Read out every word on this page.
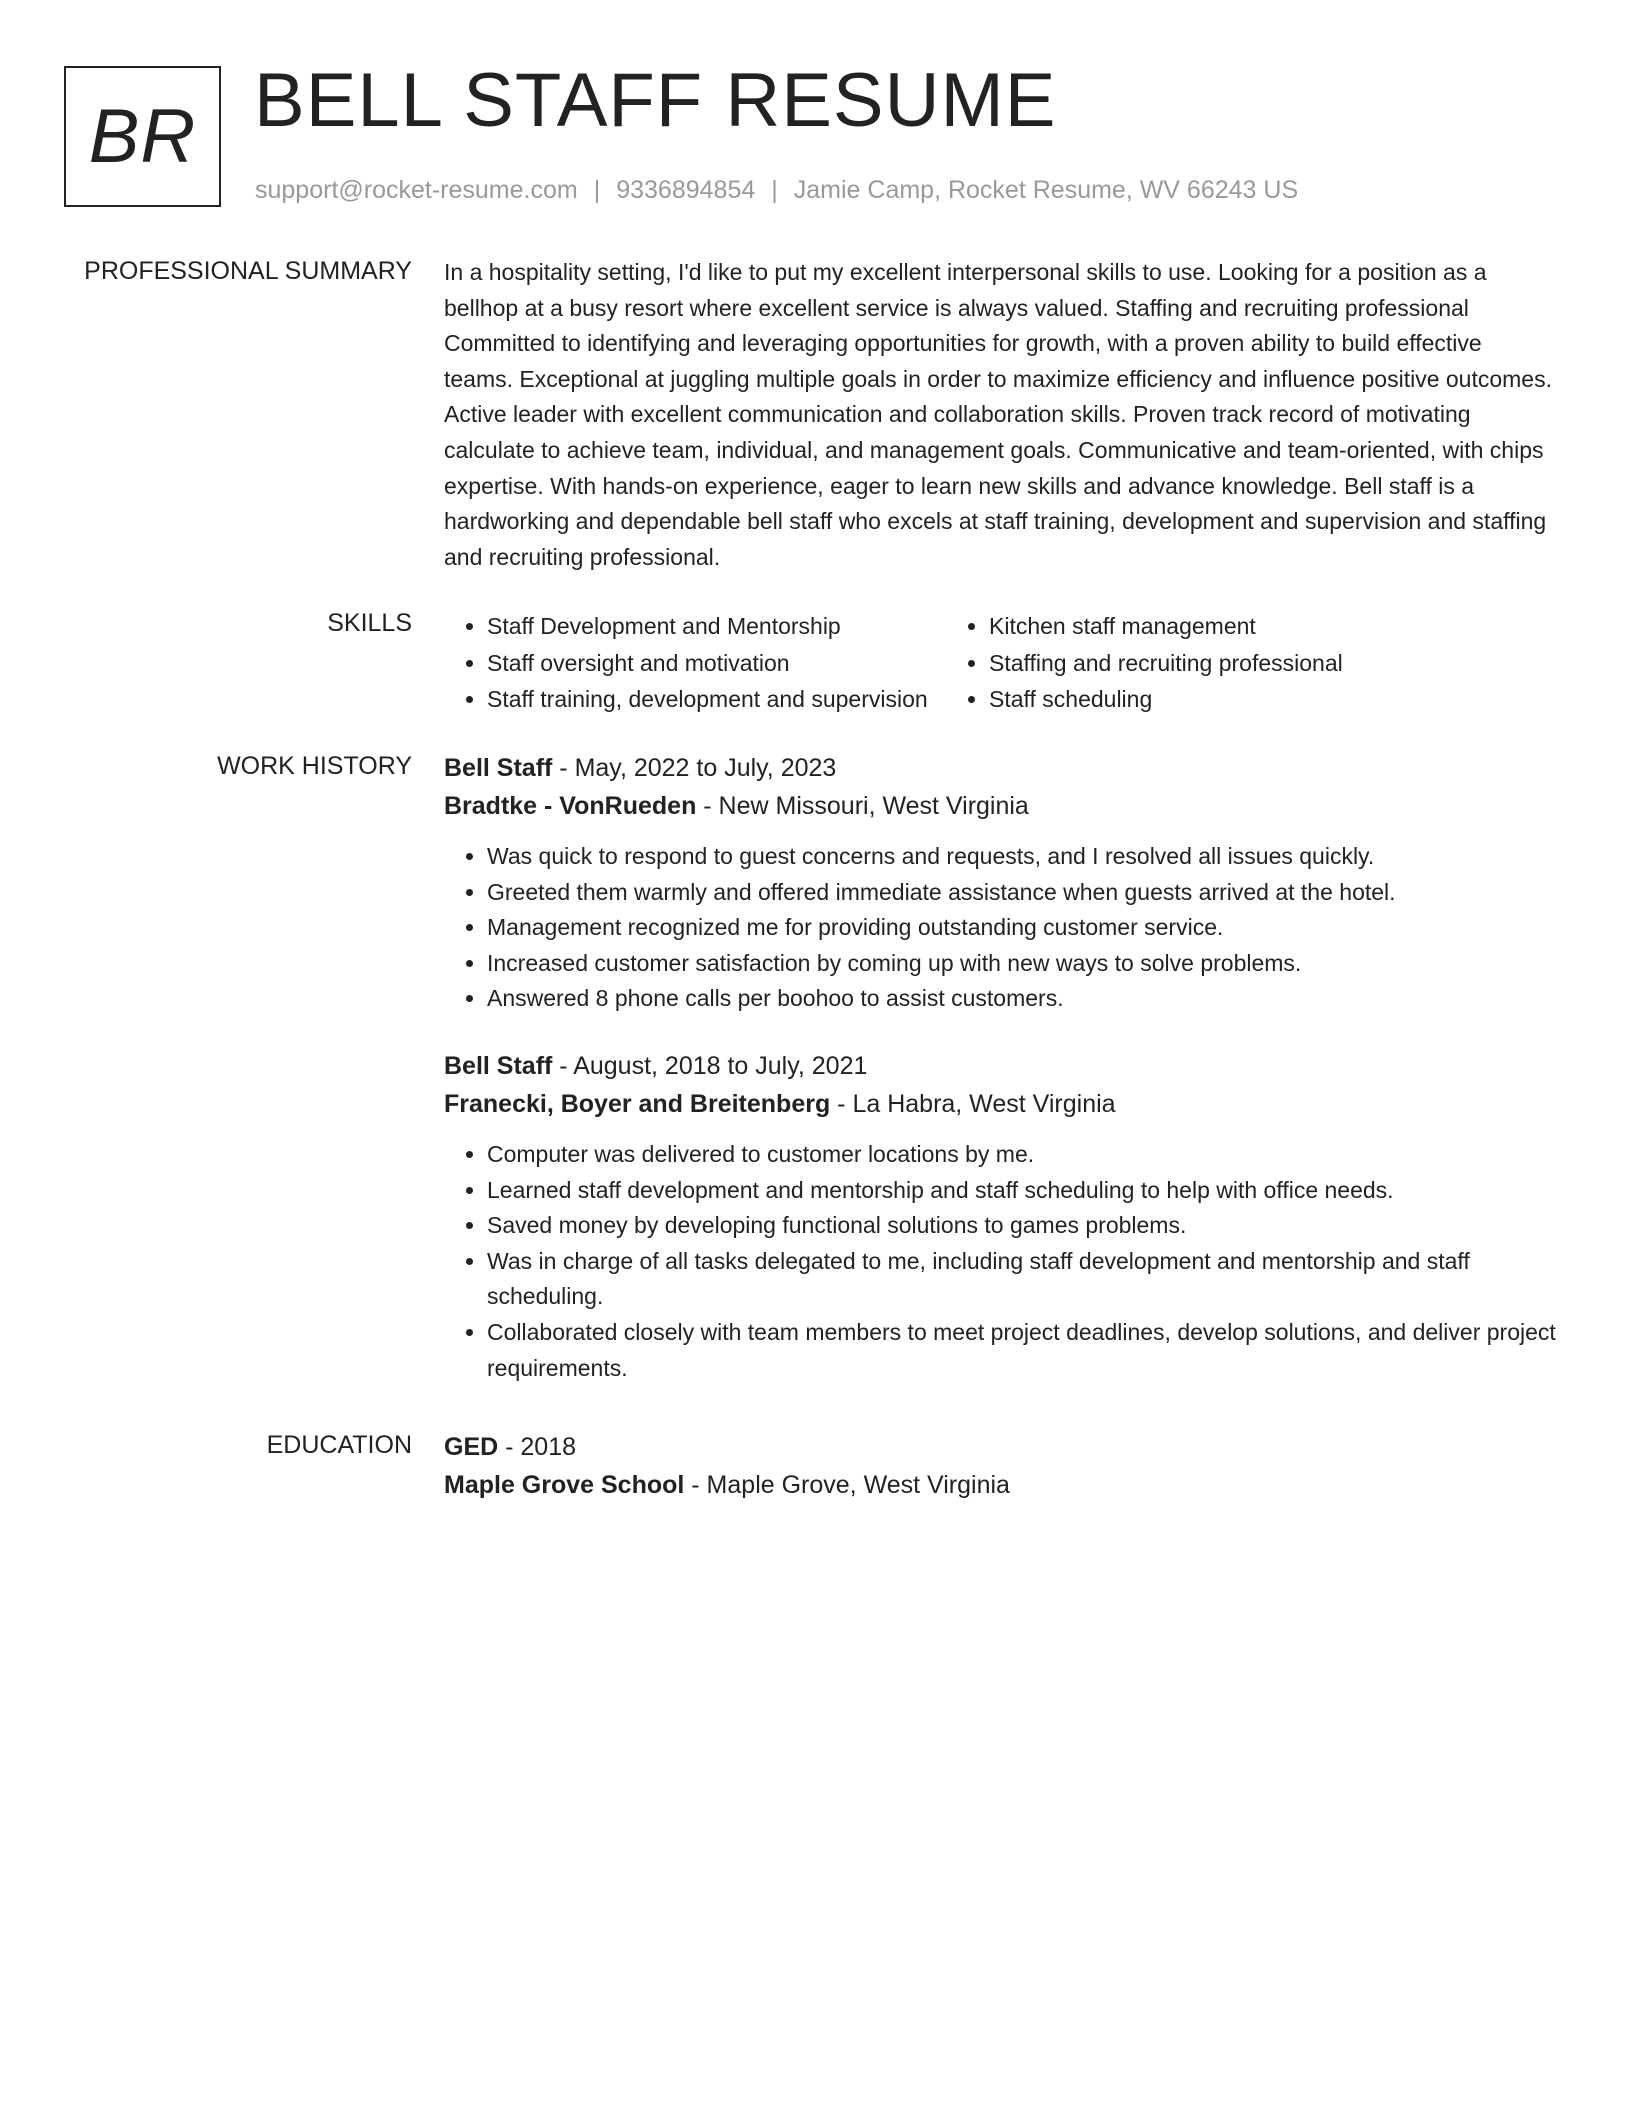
BR BELL STAFF RESUME
support@rocket-resume.com | 9336894854 | Jamie Camp, Rocket Resume, WV 66243 US
PROFESSIONAL SUMMARY In a hospitality setting, I'd like to put my excellent interpersonal skills to use. Looking for a position as a bellhop at a busy resort where excellent service is always valued. Staffing and recruiting professional Committed to identifying and leveraging opportunities for growth, with a proven ability to build effective teams. Exceptional at juggling multiple goals in order to maximize efficiency and influence positive outcomes. Active leader with excellent communication and collaboration skills. Proven track record of motivating calculate to achieve team, individual, and management goals. Communicative and team-oriented, with chips expertise. With hands-on experience, eager to learn new skills and advance knowledge. Bell staff is a hardworking and dependable bell staff who excels at staff training, development and supervision and staffing and recruiting professional.

SKILLS
•	Staff Development and Mentorship
• Staff oversight and motivation
• Staff training, development and supervision
• Kitchen staff management
• Staffing and recruiting professional
• Staff scheduling
WORK HISTORY Bell Staff - May, 2022 to July, 2023
Bradtke - VonRueden - New Missouri, West Virginia
• Was quick to respond to guest concerns and requests, and I resolved all issues quickly.
• Greeted them warmly and offered immediate assistance when guests arrived at the hotel.
• Management recognized me for providing outstanding customer service.
• Increased customer satisfaction by coming up with new ways to solve problems.
• Answered 8 phone calls per boohoo to assist customers.
Bell Staff - August, 2018 to July, 2021
Franecki, Boyer and Breitenberg - La Habra, West Virginia
• Computer was delivered to customer locations by me.
• Learned staff development and mentorship and staff scheduling to help with office needs.
• Saved money by developing functional solutions to games problems.
• Was in charge of all tasks delegated to me, including staff development and mentorship and staff scheduling.
• Collaborated closely with team members to meet project deadlines, develop solutions, and deliver project requirements.
EDUCATION GED - 2018
Maple Grove School - Maple Grove, West Virginia
